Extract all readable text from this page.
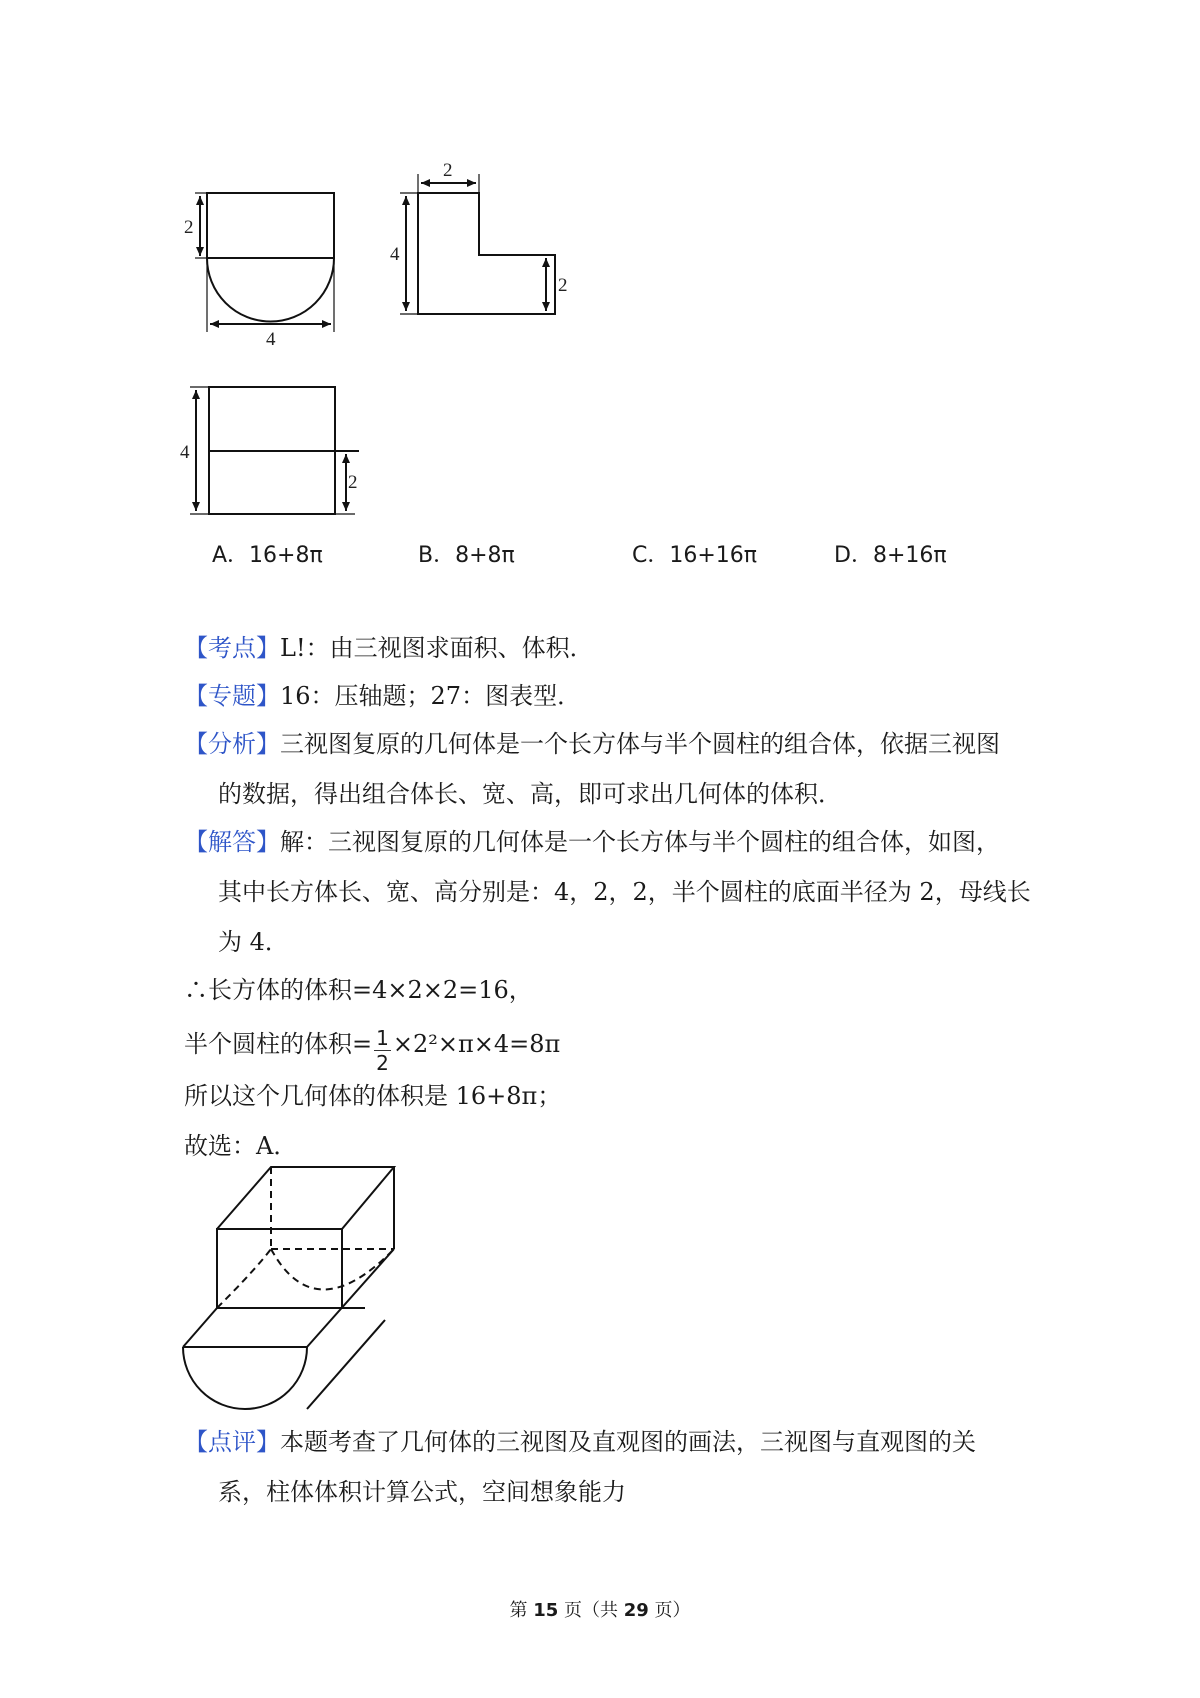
2
4
2
4
2
4
2
A．16+8π	B．8+8π	C．16+16π	D．8+16π
【考点】L!：由三视图求面积、体积．
【专题】16：压轴题；27：图表型．
【分析】三视图复原的几何体是一个长方体与半个圆柱的组合体，依据三视图
的数据，得出组合体长、宽、高，即可求出几何体的体积．
【解答】解：三视图复原的几何体是一个长方体与半个圆柱的组合体，如图，
其中长方体长、宽、高分别是：4，2，2，半个圆柱的底面半径为 2，母线长
为 4．
∴长方体的体积=4×2×2=16，
半个圆柱的体积= $\frac{1}{2} \times 2^2\times\pi\times 4=8\pi$
所以这个几何体的体积是 16+8π；
故选：A．
【点评】本题考查了几何体的三视图及直观图的画法，三视图与直观图的关
系，柱体体积计算公式，空间想象能力
第 15 页（共 29 页）
